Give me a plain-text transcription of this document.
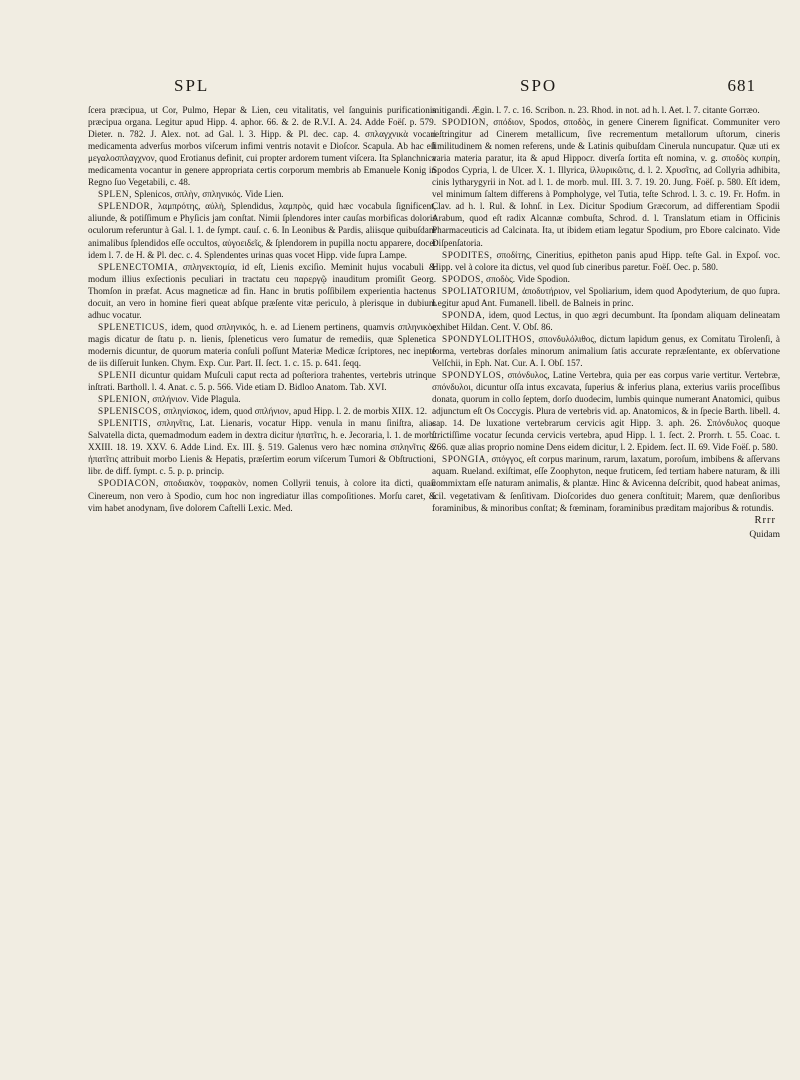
SPL	SPO	681

ſcera præcipua, ut Cor, Pulmo, Hepar & Lien, ceu vitalitatis, vel ſanguinis purificationis præcipua organa. Legitur apud Hipp. 4. aphor. 66. & 2. de R.V.I. A. 24. Adde Foëſ. p. 579. Dieter. n. 782. J. Alex. not. ad Gal. l. 3. Hipp. & Pl. dec. cap. 4. σπλαγχνικὰ vocari medicamenta adverſus morbos viſcerum infimi ventris notavit e Dioſcor. Scapula. Ab hac eſt μεγαλοσπλαγχνον, quod Erotianus definit, cui propter ardorem tument viſcera. Ita Splanchnica medicamenta vocantur in genere appropriata certis corporum membris ab Emanuele Konig in Regno ſuo Vegetabili, c. 48.

SPLEN, Splenicos, σπλὴν, σπληνικός. Vide Lien.

SPLENDOR, λαμπρότης, αὐλὴ, Splendidus, λαμπρὸς, quid hæc vocabula ſignificent, aliunde, & potiſſimum e Phyſicis jam conſtat. Nimii ſplendores inter cauſas morbificas doloris oculorum referuntur à Gal. l. 1. de ſympt. cauſ. c. 6. In Leonibus & Pardis, aliisque quibuſdam animalibus ſplendidos eſſe occultos, αὐγοειδεῖς, & ſplendorem in pupilla noctu apparere, docet idem l. 7. de H. & Pl. dec. c. 4. Splendentes urinas quas vocet Hipp. vide ſupra Lampe.

SPLENECTOMIA, σπληνεκτομία, id eſt, Lienis exciſio. Meminit hujus vocabuli & modum illius exſectionis peculiari in tractatu ceu παρεργῷ inauditum promiſit Georg. Thomſon in præfat. Acus magneticæ ad fin. Hanc in brutis poſſibilem experientia hactenus docuit, an vero in homine fieri queat abſque præſente vitæ periculo, à plerisque in dubium adhuc vocatur.

SPLENETICUS, idem, quod σπληνικός, h. e. ad Lienem pertinens, quamvis σπληνικὸς magis dicatur de ſtatu p. n. lienis, ſpleneticus vero ſumatur de remediis, quæ Splenetica modernis dicuntur, de quorum materia conſuli poſſunt Materiæ Medicæ ſcriptores, nec inepte de iis diſſeruit Iunken. Chym. Exp. Cur. Part. II. ſect. 1. c. 15. p. 641. ſeqq.

SPLENII dicuntur quidam Muſculi caput recta ad poſteriora trahentes, vertebris utrinque inſtrati. Bartholl. l. 4. Anat. c. 5. p. 566. Vide etiam D. Bidloo Anatom. Tab. XVI.

SPLENION, σπλήνιον. Vide Plagula.

SPLENISCOS, σπληνίσκος, idem, quod σπλήνιον, apud Hipp. l. 2. de morbis XIIX. 12.

SPLENITIS, σπληνῖτις, Lat. Lienaris, vocatur Hipp. venula in manu ſiniſtra, alias Salvatella dicta, quemadmodum eadem in dextra dicitur ἡπατῖτις, h. e. Jecoraria, l. 1. de morb. XXIII. 18. 19. XXV. 6. Adde Lind. Ex. III. §. 519. Galenus vero hæc nomina σπληνῖτις & ἡπατῖτις attribuit morbo Lienis & Hepatis, præſertim eorum viſcerum Tumori & Obſtructioni, libr. de diff. ſympt. c. 5. p. p. princip.

SPODIACON, σποδιακὸν, τοφρακὸν, nomen Collyrii tenuis, à colore ita dicti, quaſi Cinereum, non vero à Spodio, cum hoc non ingrediatur illas compoſitiones. Morſu caret, & vim habet anodynam, ſive dolorem Caſtelli Lexic. Med.

mitigandi. Ægin. l. 7. c. 16. Scribon. n. 23. Rhod. in not. ad h. l. Aet. l. 7. citante Gorræo.

SPODION, σπόδιον, Spodos, σποδὸς, in genere Cinerem ſignificat. Communiter vero reſtringitur ad Cinerem metallicum, ſive recrementum metallorum uſtorum, cineris ſimilitudinem & nomen referens, unde & Latinis quibuſdam Cinerula nuncupatur. Quæ uti ex varia materia paratur, ita & apud Hippocr. diverſa ſortita eſt nomina, v. g. σποδὸς κυπρίη, Spodos Cypria, l. de Ulcer. X. 1. Illyrica, ἰλλυρικῶτις, d. l. 2. Χρυσῖτις, ad Collyria adhibita, cinis lytharygyrii in Not. ad l. 1. de morb. mul. III. 3. 7. 19. 20. Jung. Foëſ. p. 580. Eſt idem, vel minimum ſaltem differens à Pompholyge, vel Tutia, teſte Schrod. l. 3. c. 19. Fr. Hofm. in Clav. ad h. l. Rul. & Iohnſ. in Lex. Dicitur Spodium Græcorum, ad differentiam Spodii Arabum, quod eſt radix Alcannæ combuſta, Schrod. d. l. Translatum etiam in Officinis Pharmaceuticis ad Calcinata. Ita, ut ibidem etiam legatur Spodium, pro Ebore calcinato. Vide Diſpenſatoria.

SPODITES, σποδίτης, Cineritius, epitheton panis apud Hipp. teſte Gal. in Expoſ. voc. Hipp. vel à colore ita dictus, vel quod ſub cineribus paretur. Foëſ. Oec. p. 580.

SPODOS, σποδὸς. Vide Spodion.

SPOLIATORIUM, ἀποδυτήριον, vel Spoliarium, idem quod Apodyterium, de quo ſupra. Legitur apud Ant. Fumanell. libell. de Balneis in princ.

SPONDA, idem, quod Lectus, in quo ægri decumbunt. Ita ſpondam aliquam delineatam exhibet Hildan. Cent. V. Obſ. 86.

SPONDYLOLITHOS, σπονδυλόλιθος, dictum lapidum genus, ex Comitatu Tirolenſi, à forma, vertebras dorſales minorum animalium ſatis accurate repræſentante, ex obſervatione Velſchii, in Eph. Nat. Cur. A. I. Obſ. 157.

SPONDYLOS, σπόνδυλος, Latine Vertebra, quia per eas corpus varie vertitur. Vertebræ, σπόνδυλοι, dicuntur oſſa intus excavata, ſuperius & inferius plana, exterius variis proceſſibus donata, quorum in collo ſeptem, dorſo duodecim, lumbis quinque numerant Anatomici, quibus adjunctum eſt Os Coccygis. Plura de vertebris vid. ap. Anatomicos, & in ſpecie Barth. libell. 4. cap. 14. De luxatione vertebrarum cervicis agit Hipp. 3. aph. 26. Σπόνδυλος quoque ſtrictiſſime vocatur ſecunda cervicis vertebra, apud Hipp. l. 1. ſect. 2. Prorrh. t. 55. Coac. t. 266. quæ alias proprio nomine Dens eidem dicitur, l. 2. Epidem. ſect. II. 69. Vide Foëſ. p. 580.

SPONGIA, σπόγγος, eſt corpus marinum, rarum, laxatum, poroſum, imbibens & aſſervans aquam. Rueland. exiſtimat, eſſe Zoophyton, neque fruticem, ſed tertiam habere naturam, & illi commixtam eſſe naturam animalis, & plantæ. Hinc & Avicenna deſcribit, quod habeat animas, ſcil. vegetativam & ſenſitivam. Dioſcorides duo genera conſtituit; Marem, quæ denſioribus foraminibus, & minoribus conſtat; & fœminam, foraminibus præditam majoribus & rotundis.

Rrrr
Quidam
